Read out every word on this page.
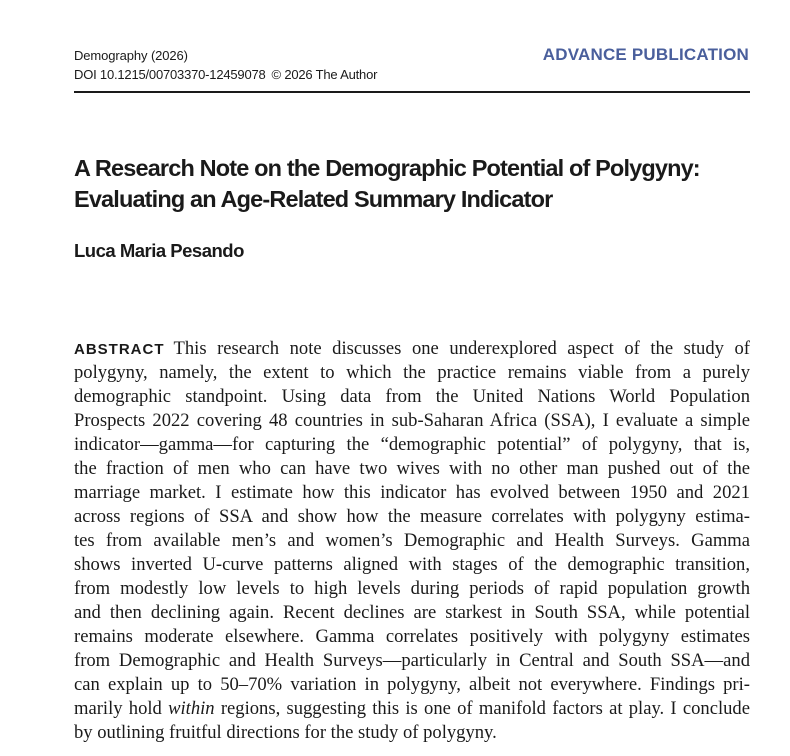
Demography (2026)
DOI 10.1215/00703370-12459078 © 2026 The Author
ADVANCE PUBLICATION
A Research Note on the Demographic Potential of Polygyny:
Evaluating an Age-Related Summary Indicator
Luca Maria Pesando
ABSTRACT This research note discusses one underexplored aspect of the study of
polygyny, namely, the extent to which the practice remains viable from a purely
demographic standpoint. Using data from the United Nations World Population
Prospects 2022 covering 48 countries in sub-Saharan Africa (SSA), I evaluate a simple
indicator—gamma—for capturing the “demographic potential” of polygyny, that is,
the fraction of men who can have two wives with no other man pushed out of the
marriage market. I estimate how this indicator has evolved between 1950 and 2021
across regions of SSA and show how the measure correlates with polygyny estima-
tes from available men’s and women’s Demographic and Health Surveys. Gamma
shows inverted U-curve patterns aligned with stages of the demographic transition,
from modestly low levels to high levels during periods of rapid population growth
and then declining again. Recent declines are starkest in South SSA, while potential
remains moderate elsewhere. Gamma correlates positively with polygyny estimates
from Demographic and Health Surveys—particularly in Central and South SSA—and
can explain up to 50–70% variation in polygyny, albeit not everywhere. Findings pri-
marily hold within regions, suggesting this is one of manifold factors at play. I conclude
by outlining fruitful directions for the study of polygyny.
